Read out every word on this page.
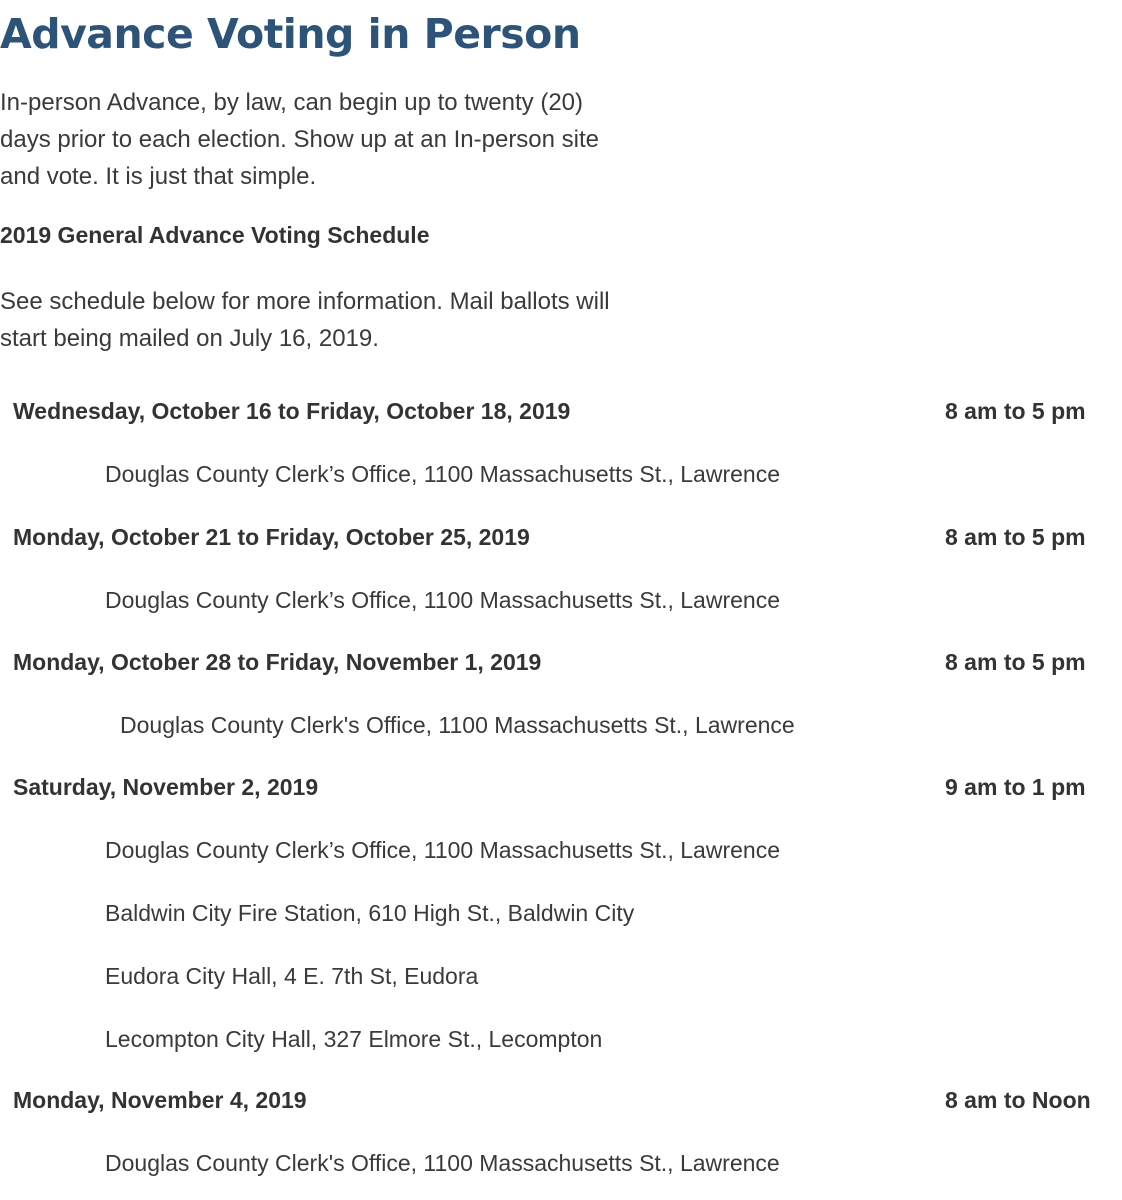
Advance Voting in Person

In-person Advance, by law, can begin up to twenty (20)
days prior to each election. Show up at an In-person site
and vote. It is just that simple.

2019 General Advance Voting Schedule

See schedule below for more information. Mail ballots will
start being mailed on July 16, 2019.

Wednesday, October 16 to Friday, October 18, 2019	8 am to 5 pm
Douglas County Clerk’s Office, 1100 Massachusetts St., Lawrence
Monday, October 21 to Friday, October 25, 2019	8 am to 5 pm
Douglas County Clerk’s Office, 1100 Massachusetts St., Lawrence
Monday, October 28 to Friday, November 1, 2019	8 am to 5 pm
Douglas County Clerk's Office, 1100 Massachusetts St., Lawrence
Saturday, November 2, 2019	9 am to 1 pm
Douglas County Clerk’s Office, 1100 Massachusetts St., Lawrence
Baldwin City Fire Station, 610 High St., Baldwin City
Eudora City Hall, 4 E. 7th St, Eudora
Lecompton City Hall, 327 Elmore St., Lecompton
Monday, November 4, 2019	8 am to Noon
Douglas County Clerk's Office, 1100 Massachusetts St., Lawrence
